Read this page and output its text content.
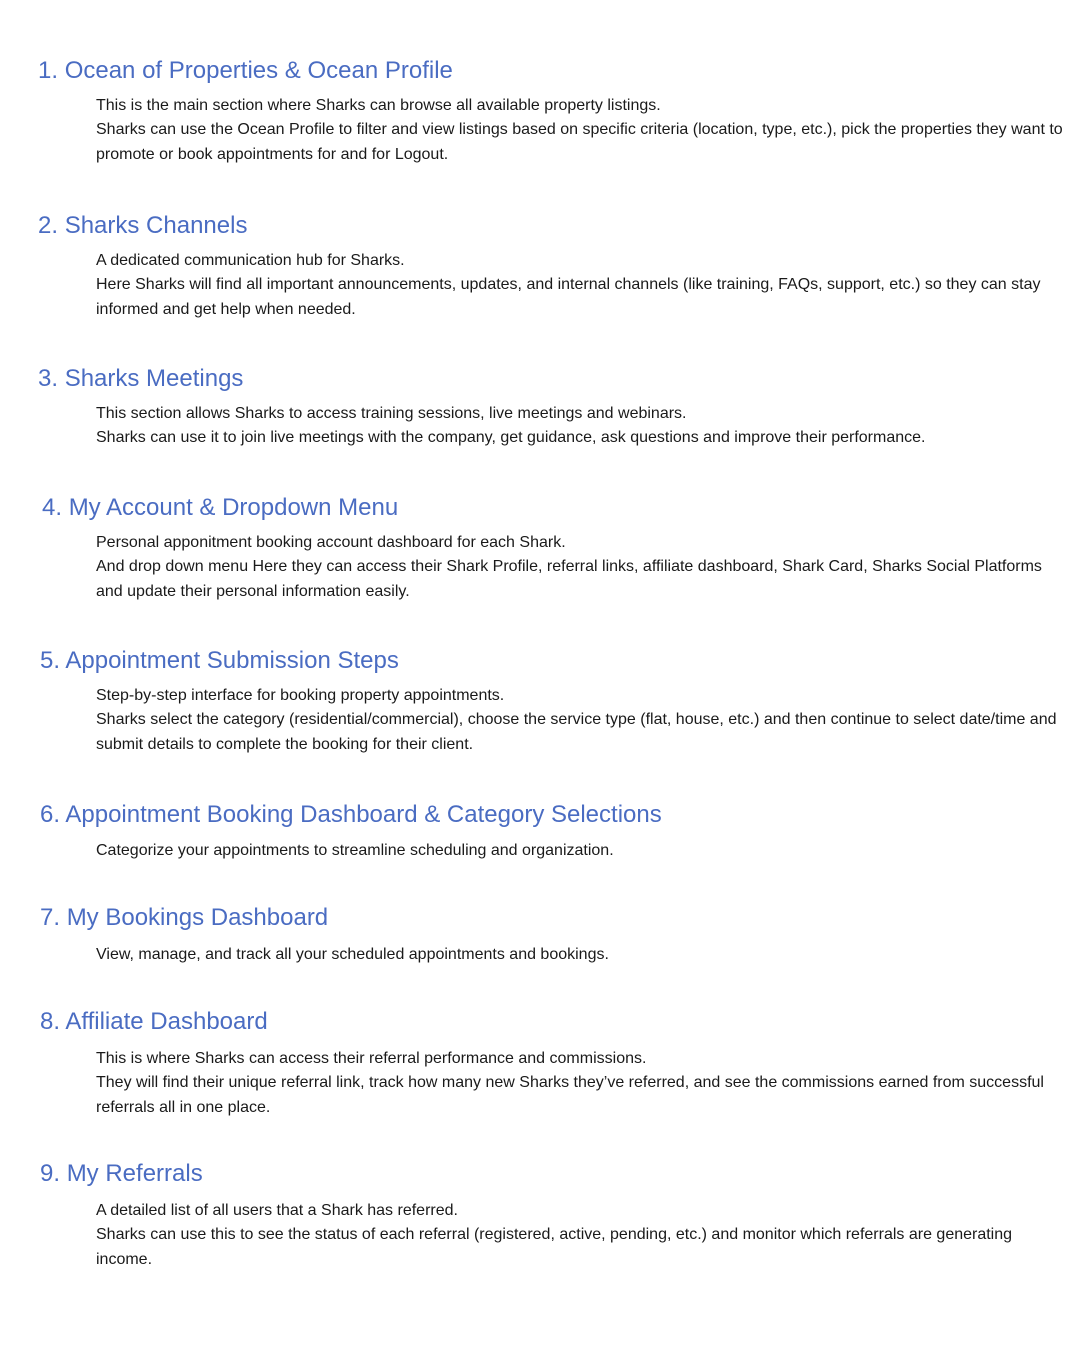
1. Ocean of Properties & Ocean Profile

This is the main section where Sharks can browse all available property listings.

Sharks can use the Ocean Profile to filter and view listings based on specific criteria (location, type, etc.), pick the properties they want to promote or book appointments for and for Logout.

2. Sharks Channels

A dedicated communication hub for Sharks.

Here Sharks will find all important announcements, updates, and internal channels (like training, FAQs, support, etc.) so they can stay informed and get help when needed.

3. Sharks Meetings

This section allows Sharks to access training sessions, live meetings and webinars.

Sharks can use it to join live meetings with the company, get guidance, ask questions and improve their performance.

4. My Account & Dropdown Menu

Personal apponitment booking account dashboard for each Shark.

And drop down menu Here they can access their Shark Profile, referral links, affiliate dashboard, Shark Card, Sharks Social Platforms and update their personal information easily.

5. Appointment Submission Steps

Step-by-step interface for booking property appointments.

Sharks select the category (residential/commercial), choose the service type (flat, house, etc.) and then continue to select date/time and submit details to complete the booking for their client.

6. Appointment Booking Dashboard & Category Selections

Categorize your appointments to streamline scheduling and organization.

7. My Bookings Dashboard

View, manage, and track all your scheduled appointments and bookings.

8. Affiliate Dashboard

This is where Sharks can access their referral performance and commissions.

They will find their unique referral link, track how many new Sharks they’ve referred, and see the commissions earned from successful referrals all in one place.

9. My Referrals

A detailed list of all users that a Shark has referred.

Sharks can use this to see the status of each referral (registered, active, pending, etc.) and monitor which referrals are generating income.
